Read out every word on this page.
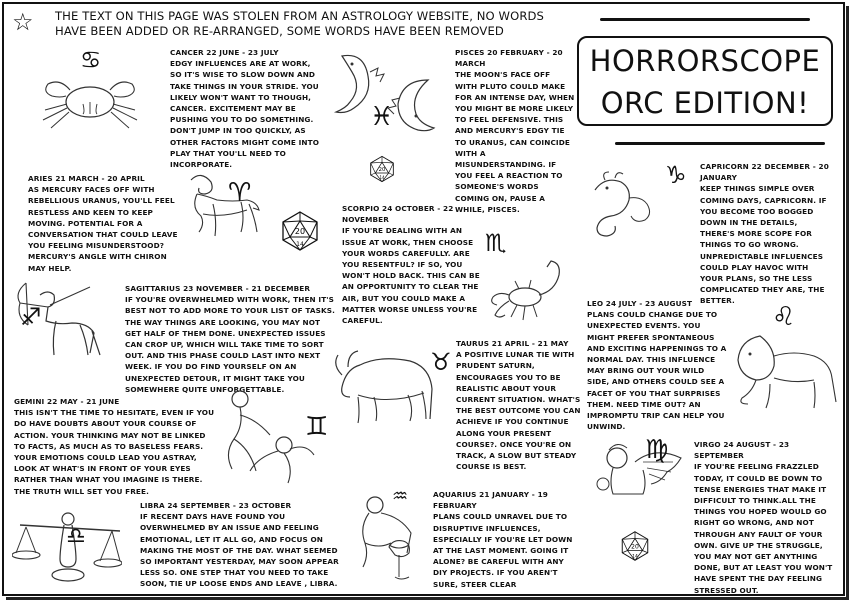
☆ THE TEXT ON THIS PAGE WAS STOLEN FROM AN ASTROLOGY WEBSITE, NO WORDS HAVE BEEN ADDED OR RE-ARRANGED, SOME WORDS HAVE BEEN REMOVED
HORRORSCOPE
ORC EDITION!
♋	CANCER 22 JUNE - 23 JULY
EDGY INFLUENCES ARE AT WORK, SO IT'S WISE TO SLOW DOWN AND TAKE THINGS IN YOUR STRIDE. YOU LIKELY WON'T WANT TO THOUGH, CANCER. EXCITEMENT MAY BE PUSHING YOU TO DO SOMETHING. DON'T JUMP IN TOO QUICKLY, AS OTHER FACTORS MIGHT COME INTO PLAY THAT YOU'LL NEED TO INCORPORATE.
♓
PISCES 20 FEBRUARY - 20 MARCH
THE MOON'S FACE OFF WITH PLUTO COULD MAKE FOR AN INTENSE DAY, WHEN YOU MIGHT BE MORE LIKELY TO FEEL DEFENSIVE. THIS AND MERCURY'S EDGY TIE TO URANUS, CAN COINCIDE WITH A MISUNDERSTANDING. IF YOU FEEL A REACTION TO SOMEONE'S WORDS COMING ON, PAUSE A WHILE, PISCES.
ARIES 21 MARCH - 20 APRIL
AS MERCURY FACES OFF WITH REBELLIOUS URANUS, YOU'LL FEEL RESTLESS AND KEEN TO KEEP MOVING. POTENTIAL FOR A CONVERSATION THAT COULD LEAVE YOU FEELING MISUNDERSTOOD? MERCURY'S ANGLE WITH CHIRON MAY HELP.
♈
SCORPIO 24 OCTOBER - 22 NOVEMBER
IF YOU'RE DEALING WITH AN ISSUE AT WORK, THEN CHOOSE YOUR WORDS CAREFULLY. ARE YOU RESENTFUL? IF SO, YOU WON'T HOLD BACK. THIS CAN BE AN OPPORTUNITY TO CLEAR THE AIR, BUT YOU COULD MAKE A MATTER WORSE UNLESS YOU'RE CAREFUL.
♏
♑ CAPRICORN 22 DECEMBER - 20 JANUARY
KEEP THINGS SIMPLE OVER COMING DAYS, CAPRICORN. IF YOU BECOME TOO BOGGED DOWN IN THE DETAILS, THERE'S MORE SCOPE FOR THINGS TO GO WRONG. UNPREDICTABLE INFLUENCES COULD PLAY HAVOC WITH YOUR PLANS, SO THE LESS COMPLICATED THEY ARE, THE BETTER.
♐
SAGITTARIUS 23 NOVEMBER - 21 DECEMBER
IF YOU'RE OVERWHELMED WITH WORK, THEN IT'S BEST NOT TO ADD MORE TO YOUR LIST OF TASKS. THE WAY THINGS ARE LOOKING, YOU MAY NOT GET HALF OF THEM DONE. UNEXPECTED ISSUES CAN CROP UP, WHICH WILL TAKE TIME TO SORT OUT. AND THIS PHASE COULD LAST INTO NEXT WEEK. IF YOU DO FIND YOURSELF ON AN UNEXPECTED DETOUR, IT MIGHT TAKE YOU SOMEWHERE QUITE UNFORGETTABLE.
LEO 24 JULY - 23 AUGUST
PLANS COULD CHANGE DUE TO UNEXPECTED EVENTS. YOU MIGHT PREFER SPONTANEOUS AND EXCITING HAPPENINGS TO A NORMAL DAY. THIS INFLUENCE MAY BRING OUT YOUR WILD SIDE, AND OTHERS COULD SEE A FACET OF YOU THAT SURPRISES THEM. NEED TIME OUT? AN IMPROMPTU TRIP CAN HELP YOU UNWIND.
♌
♉
TAURUS 21 APRIL - 21 MAY
A POSITIVE LUNAR TIE WITH PRUDENT SATURN, ENCOURAGES YOU TO BE REALISTIC ABOUT YOUR CURRENT SITUATION. WHAT'S THE BEST OUTCOME YOU CAN ACHIEVE IF YOU CONTINUE ALONG YOUR PRESENT COURSE?. ONCE YOU'RE ON TRACK, A SLOW BUT STEADY COURSE IS BEST.
GEMINI 22 MAY - 21 JUNE
THIS ISN'T THE TIME TO HESITATE, EVEN IF YOU DO HAVE DOUBTS ABOUT YOUR COURSE OF ACTION. YOUR THINKING MAY NOT BE LINKED TO FACTS, AS MUCH AS TO BASELESS FEARS. YOUR EMOTIONS COULD LEAD YOU ASTRAY, LOOK AT WHAT'S IN FRONT OF YOUR EYES RATHER THAN WHAT YOU IMAGINE IS THERE. THE TRUTH WILL SET YOU FREE.
♊
♒	AQUARIUS 21 JANUARY - 19 FEBRUARY
PLANS COULD UNRAVEL DUE TO DISRUPTIVE INFLUENCES, ESPECIALLY IF YOU'RE LET DOWN AT THE LAST MOMENT. GOING IT ALONE? BE CAREFUL WITH ANY DIY PROJECTS. IF YOU AREN'T SURE, STEER CLEAR
♎
LIBRA 24 SEPTEMBER - 23 OCTOBER
IF RECENT DAYS HAVE FOUND YOU OVERWHELMED BY AN ISSUE AND FEELING EMOTIONAL, LET IT ALL GO, AND FOCUS ON MAKING THE MOST OF THE DAY. WHAT SEEMED SO IMPORTANT YESTERDAY, MAY SOON APPEAR LESS SO. ONE STEP THAT YOU NEED TO TAKE SOON, TIE UP LOOSE ENDS AND LEAVE , LIBRA.
♍	VIRGO 24 AUGUST - 23 SEPTEMBER
IF YOU'RE FEELING FRAZZLED TODAY, IT COULD BE DOWN TO TENSE ENERGIES THAT MAKE IT DIFFICULT TO THINK.ALL THE THINGS YOU HOPED WOULD GO RIGHT GO WRONG, AND NOT THROUGH ANY FAULT OF YOUR OWN. GIVE UP THE STRUGGLE, YOU MAY NOT GET ANYTHING DONE, BUT AT LEAST YOU WON'T HAVE SPENT THE DAY FEELING STRESSED OUT.
